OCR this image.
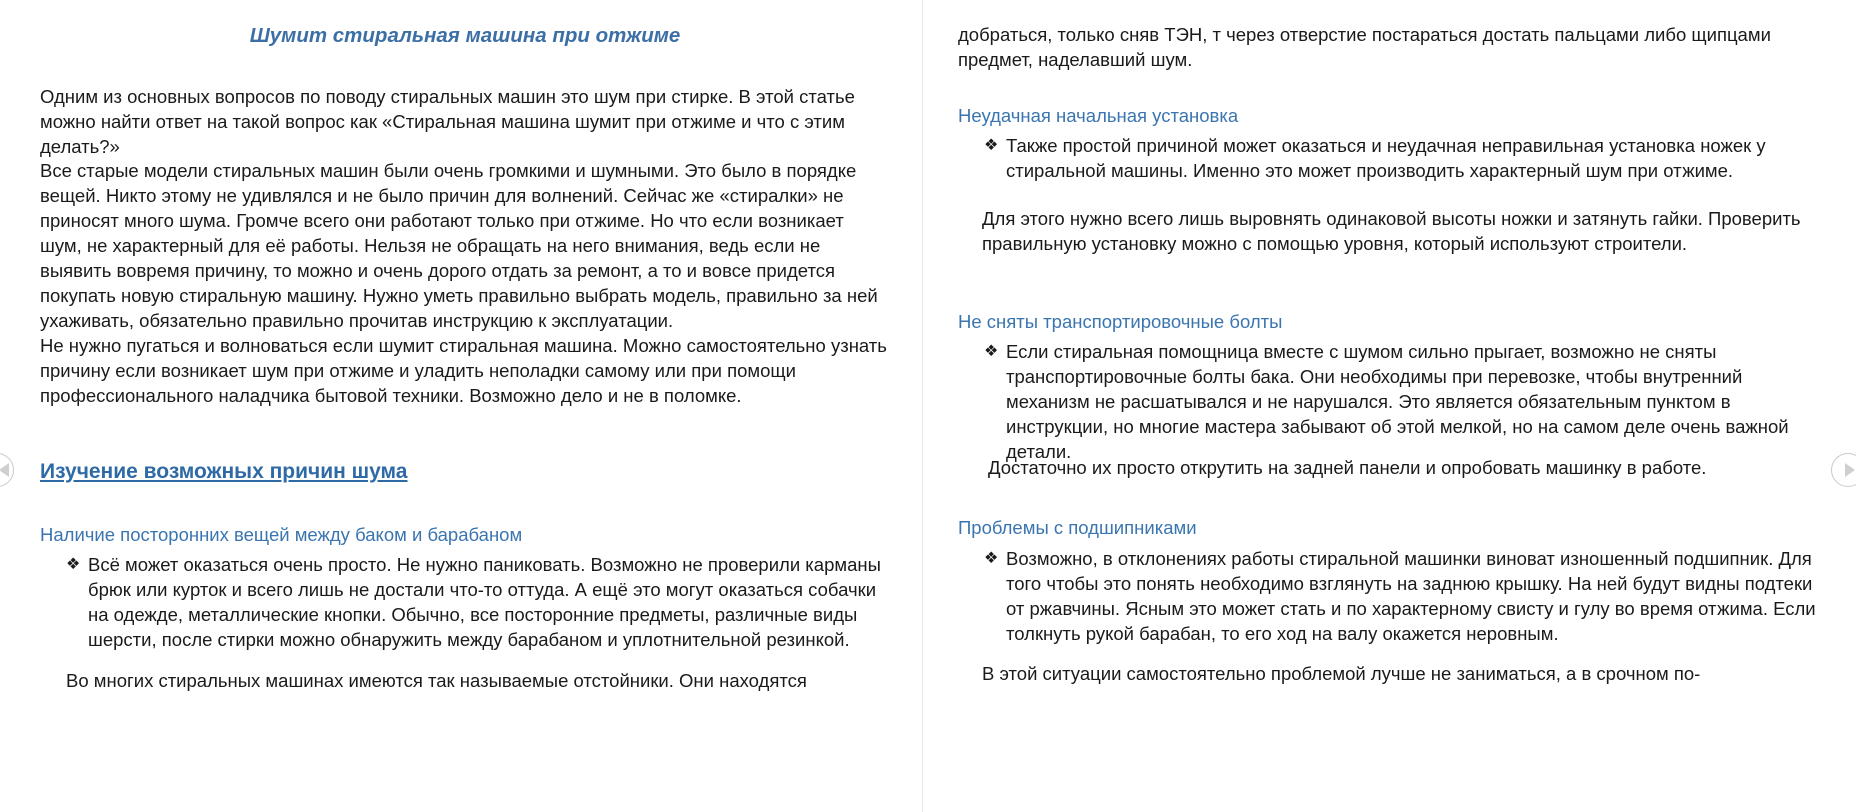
Шумит стиральная машина при отжиме

Одним из основных вопросов по поводу стиральных машин это шум при стирке. В этой статье можно найти ответ на такой вопрос как «Стиральная машина шумит при отжиме и что с этим делать?»

Все старые модели стиральных машин были очень громкими и шумными. Это было в порядке вещей. Никто этому не удивлялся и не было причин для волнений. Сейчас же «стиралки» не приносят много шума. Громче всего они работают только при отжиме. Но что если возникает шум, не характерный для её работы. Нельзя не обращать на него внимания, ведь если не выявить вовремя причину, то можно и очень дорого отдать за ремонт, а то и вовсе придется покупать новую стиральную машину. Нужно уметь правильно выбрать модель, правильно за ней ухаживать, обязательно правильно прочитав инструкцию к эксплуатации.

Не нужно пугаться и волноваться если шумит стиральная машина. Можно самостоятельно узнать причину если возникает шум при отжиме и уладить неполадки самому или при помощи профессионального наладчика бытовой техники. Возможно дело и не в поломке.

Изучение возможных причин шума

Наличие посторонних вещей между баком и барабаном

❖ Всё может оказаться очень просто. Не нужно паниковать. Возможно не проверили карманы брюк или курток и всего лишь не достали что-то оттуда. А ещё это могут оказаться собачки на одежде, металлические кнопки. Обычно, все посторонние предметы, различные виды шерсти, после стирки можно обнаружить между барабаном и уплотнительной резинкой.

Во многих стиральных машинах имеются так называемые отстойники. Они находятся

добраться, только сняв ТЭН, т через отверстие постараться достать пальцами либо щипцами предмет, наделавший шум.

Неудачная начальная установка

❖ Также простой причиной может оказаться и неудачная неправильная установка ножек у стиральной машины. Именно это может производить характерный шум при отжиме.

Для этого нужно всего лишь выровнять одинаковой высоты ножки и затянуть гайки. Проверить правильную установку можно с помощью уровня, который используют строители.

Не сняты транспортировочные болты

❖ Если стиральная помощница вместе с шумом сильно прыгает, возможно не сняты транспортировочные болты бака. Они необходимы при перевозке, чтобы внутренний механизм не расшатывался и не нарушался. Это является обязательным пунктом в инструкции, но многие мастера забывают об этой мелкой, но на самом деле очень важной детали.

Достаточно их просто открутить на задней панели и опробовать машинку в работе.

Проблемы с подшипниками

❖ Возможно, в отклонениях работы стиральной машинки виноват изношенный подшипник. Для того чтобы это понять необходимо взглянуть на заднюю крышку. На ней будут видны подтеки от ржавчины. Ясным это может стать и по характерному свисту и гулу во время отжима. Если толкнуть рукой барабан, то его ход на валу окажется неровным.

В этой ситуации самостоятельно проблемой лучше не заниматься, а в срочном по-
